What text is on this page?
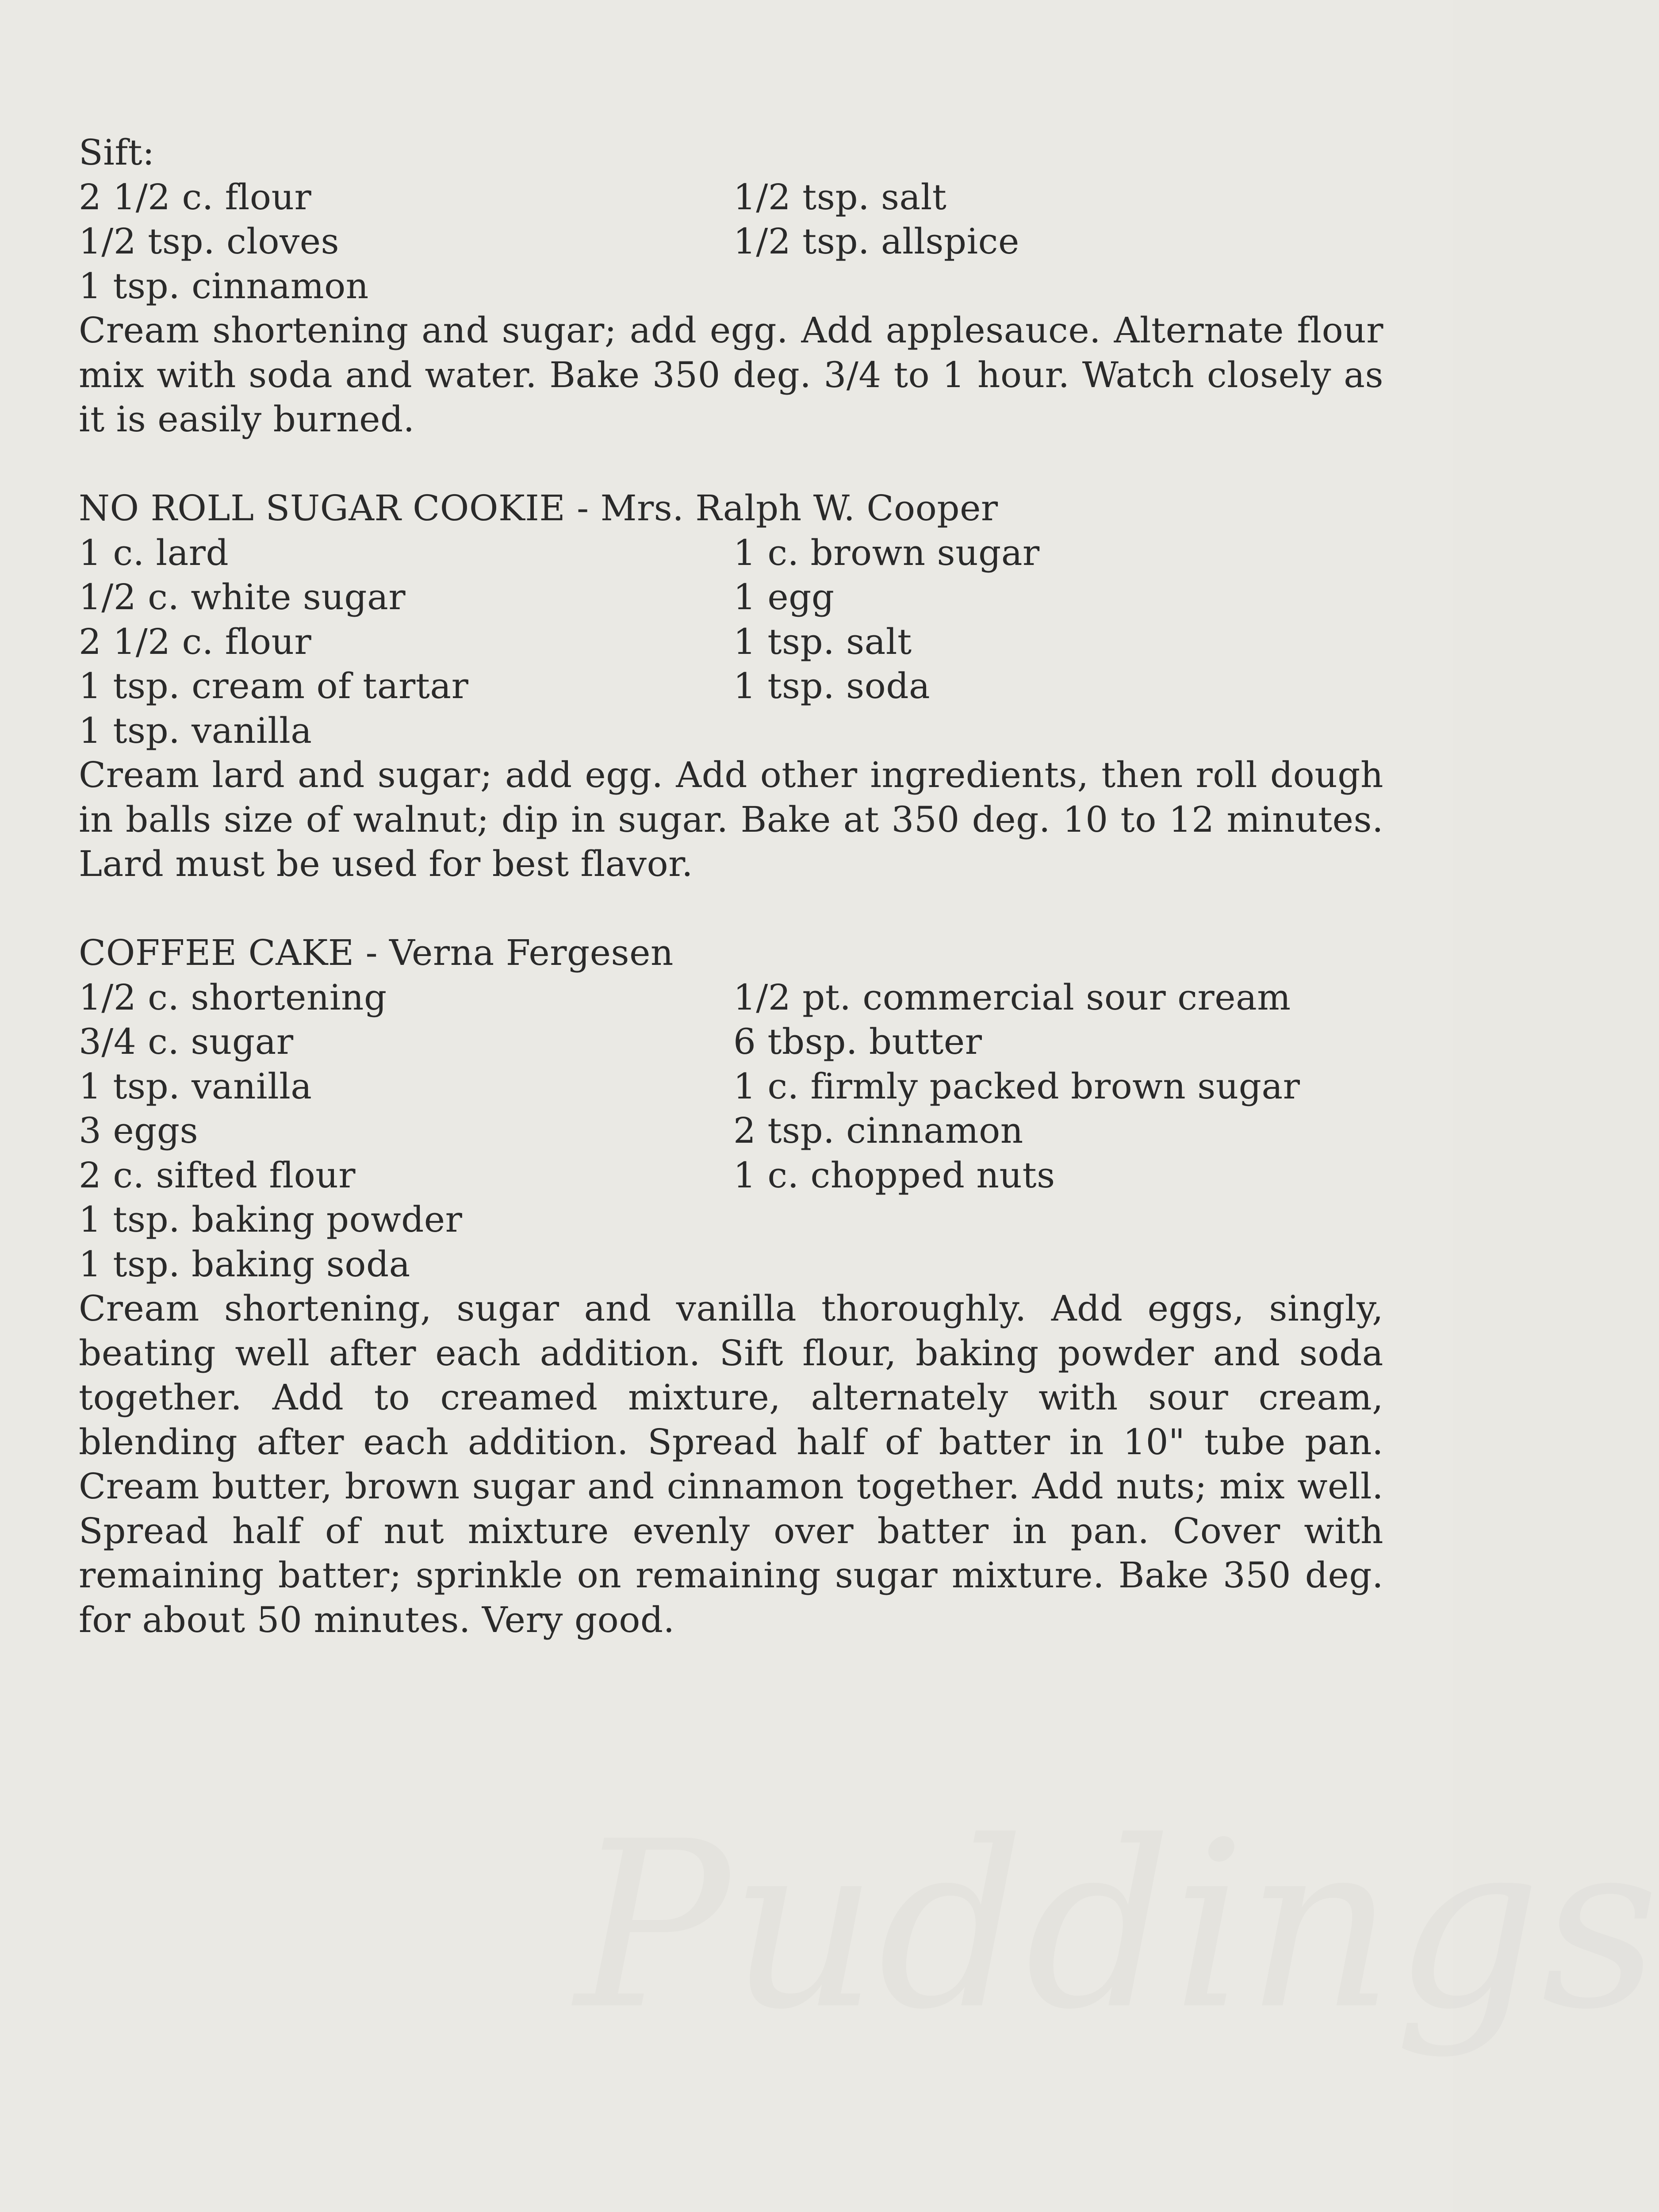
Puddings
Sift:
2 1/2 c. flour	1/2 tsp. salt
1/2 tsp. cloves	1/2 tsp. allspice
1 tsp. cinnamon
Cream shortening and sugar; add egg. Add applesauce. Alternate flour mix with soda and water. Bake 350 deg. 3/4 to 1 hour. Watch closely as it is easily burned.
NO ROLL SUGAR COOKIE - Mrs. Ralph W. Cooper
1 c. lard	1 c. brown sugar
1/2 c. white sugar	1 egg
2 1/2 c. flour	1 tsp. salt
1 tsp. cream of tartar	1 tsp. soda
1 tsp. vanilla
Cream lard and sugar; add egg. Add other ingredients, then roll dough in balls size of walnut; dip in sugar. Bake at 350 deg. 10 to 12 minutes. Lard must be used for best flavor.
COFFEE CAKE - Verna Fergesen
1/2 c. shortening	1/2 pt. commercial sour cream
3/4 c. sugar	6 tbsp. butter
1 tsp. vanilla	1 c. firmly packed brown sugar
3 eggs	2 tsp. cinnamon
2 c. sifted flour	1 c. chopped nuts
1 tsp. baking powder
1 tsp. baking soda
Cream shortening, sugar and vanilla thoroughly. Add eggs, singly, beating well after each addition. Sift flour, baking powder and soda together. Add to creamed mixture, alternately with sour cream, blending after each addition. Spread half of batter in 10" tube pan. Cream butter, brown sugar and cinnamon together. Add nuts; mix well. Spread half of nut mixture evenly over batter in pan. Cover with remaining batter; sprinkle on remaining sugar mixture. Bake 350 deg. for about 50 minutes. Very good.
